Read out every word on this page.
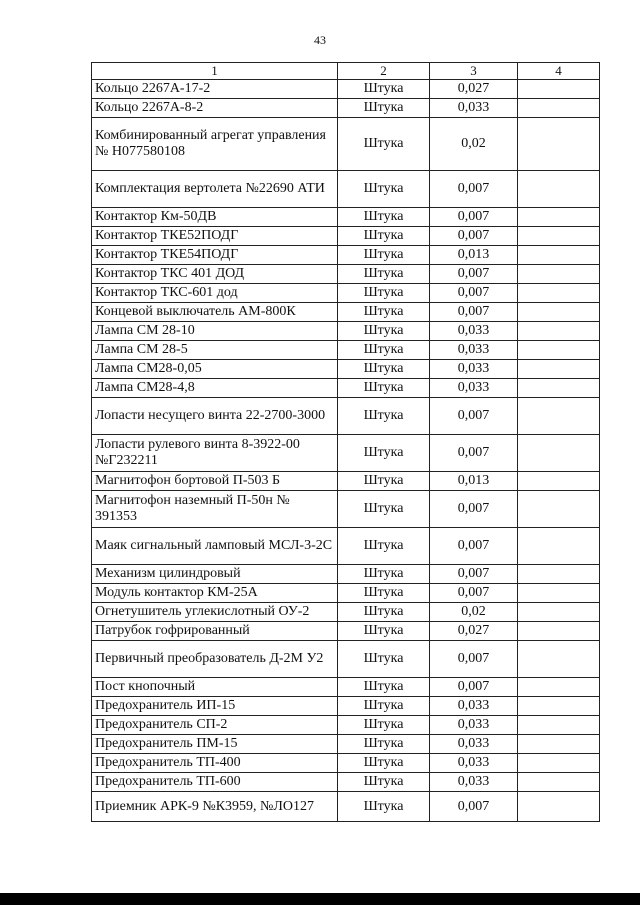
43
1	2	3	4
Кольцо 2267А-17-2	Штука	0,027	
Кольцо 2267А-8-2	Штука	0,033	
Комбинированный агрегат управления № Н077580108	Штука	0,02	
Комплектация вертолета №22690 АТИ	Штука	0,007	
Контактор Км-50ДВ	Штука	0,007	
Контактор ТКЕ52ПОДГ	Штука	0,007	
Контактор ТКЕ54ПОДГ	Штука	0,013	
Контактор ТКС 401 ДОД	Штука	0,007	
Контактор ТКС-601 дод	Штука	0,007	
Концевой выключатель АМ-800К	Штука	0,007	
Лампа СМ 28-10	Штука	0,033	
Лампа СМ 28-5	Штука	0,033	
Лампа СМ28-0,05	Штука	0,033	
Лампа СМ28-4,8	Штука	0,033	
Лопасти несущего винта 22-2700-3000	Штука	0,007	
Лопасти рулевого винта 8-3922-00 №Г232211	Штука	0,007	
Магнитофон бортовой П-503 Б	Штука	0,013	
Магнитофон наземный П-50н № 391353	Штука	0,007	
Маяк сигнальный ламповый МСЛ-3-2С	Штука	0,007	
Механизм цилиндровый	Штука	0,007	
Модуль контактор КМ-25А	Штука	0,007	
Огнетушитель углекислотный ОУ-2	Штука	0,02	
Патрубок гофрированный	Штука	0,027	
Первичный преобразователь Д-2М У2	Штука	0,007	
Пост кнопочный	Штука	0,007	
Предохранитель ИП-15	Штука	0,033	
Предохранитель СП-2	Штука	0,033	
Предохранитель ПМ-15	Штука	0,033	
Предохранитель ТП-400	Штука	0,033	
Предохранитель ТП-600	Штука	0,033	
Приемник АРК-9 №К3959, №ЛО127	Штука	0,007	
